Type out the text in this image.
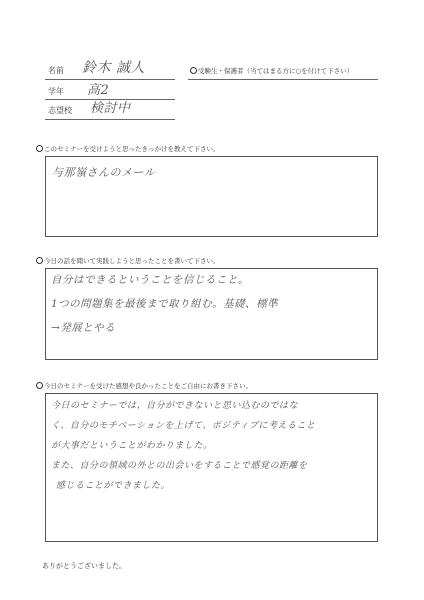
名前 鈴木 誠人	受験生・保護者（当てはまる方に○を付けて下さい）
学年 高2
志望校 検討中
このセミナーを受けようと思ったきっかけを教えて下さい。
与那嶺さんのメール
今日の話を聞いて実践しようと思ったことを書いて下さい。
自分はできるということを信じること。
1つの問題集を最後まで取り組む。基礎、標準
→発展とやる
今日のセミナーを受けた感想や良かったことをご自由にお書き下さい。
今日のセミナーでは、自分ができないと思い込むのではな
く、自分のモチベーションを上げて、ポジティブに考えること
が大事だということがわかりました。
また、自分の領域の外との出会いをすることで感覚の距離を
感じることができました。
ありがとうございました。
